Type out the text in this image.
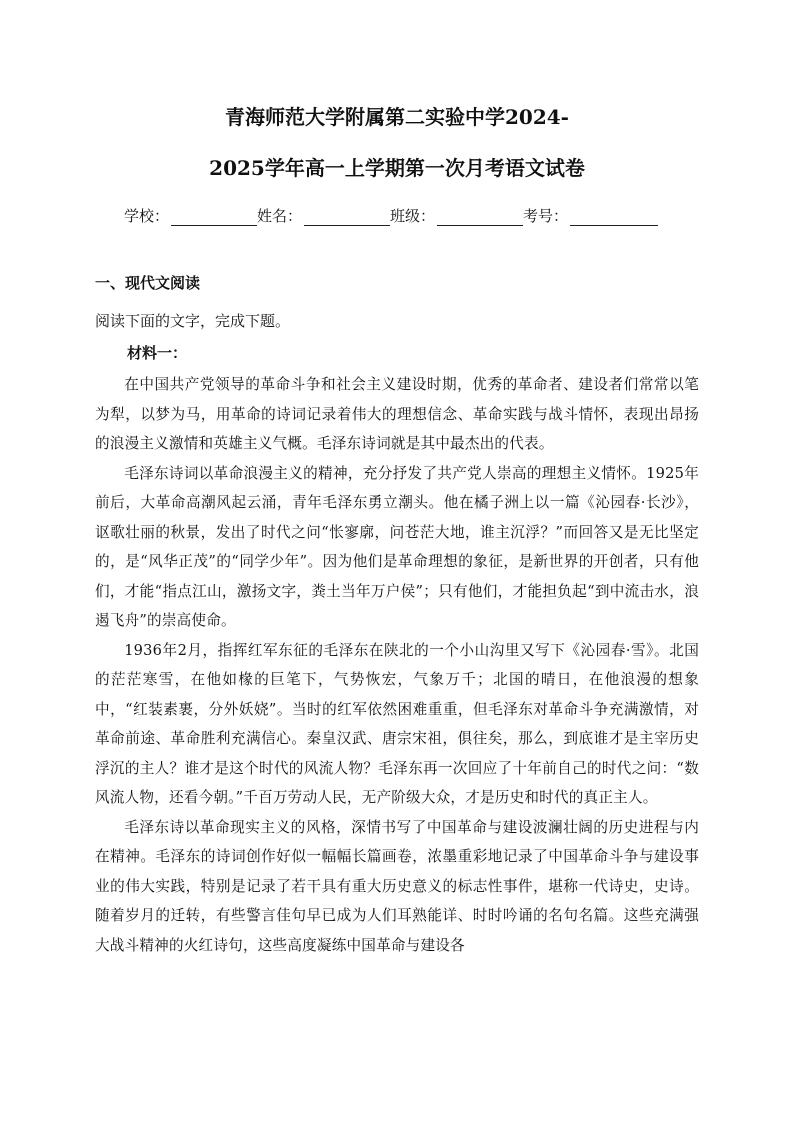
青海师范大学附属第二实验中学2024-
2025学年高一上学期第一次月考语文试卷
学校：	姓名：	班级：	考号：
一、现代文阅读

阅读下面的文字，完成下题。

材料一：

在中国共产党领导的革命斗争和社会主义建设时期，优秀的革命者、建设者们常常以笔为犁，以梦为马，用革命的诗词记录着伟大的理想信念、革命实践与战斗情怀，表现出昂扬的浪漫主义激情和英雄主义气概。毛泽东诗词就是其中最杰出的代表。

毛泽东诗词以革命浪漫主义的精神，充分抒发了共产党人崇高的理想主义情怀。1925年前后，大革命高潮风起云涌，青年毛泽东勇立潮头。他在橘子洲上以一篇《沁园春·长沙》，讴歌壮丽的秋景，发出了时代之问“怅寥廓，问苍茫大地，谁主沉浮？”而回答又是无比坚定的，是“风华正茂”的“同学少年”。因为他们是革命理想的象征，是新世界的开创者，只有他们，才能“指点江山，激扬文字，粪土当年万户侯”；只有他们，才能担负起“到中流击水，浪遏飞舟”的崇高使命。

1936年2月，指挥红军东征的毛泽东在陕北的一个小山沟里又写下《沁园春·雪》。北国的茫茫寒雪，在他如椽的巨笔下，气势恢宏，气象万千；北国的晴日，在他浪漫的想象中，“红装素裹，分外妖娆”。当时的红军依然困难重重，但毛泽东对革命斗争充满激情，对革命前途、革命胜利充满信心。秦皇汉武、唐宗宋祖，俱往矣，那么，到底谁才是主宰历史浮沉的主人？谁才是这个时代的风流人物？毛泽东再一次回应了十年前自己的时代之问：“数风流人物，还看今朝。”千百万劳动人民，无产阶级大众，才是历史和时代的真正主人。

毛泽东诗以革命现实主义的风格，深情书写了中国革命与建设波澜壮阔的历史进程与内在精神。毛泽东的诗词创作好似一幅幅长篇画卷，浓墨重彩地记录了中国革命斗争与建设事业的伟大实践，特别是记录了若干具有重大历史意义的标志性事件，堪称一代诗史，史诗。随着岁月的迁转，有些警言佳句早已成为人们耳熟能详、时时吟诵的名句名篇。这些充满强大战斗精神的火红诗句，这些高度凝练中国革命与建设各
